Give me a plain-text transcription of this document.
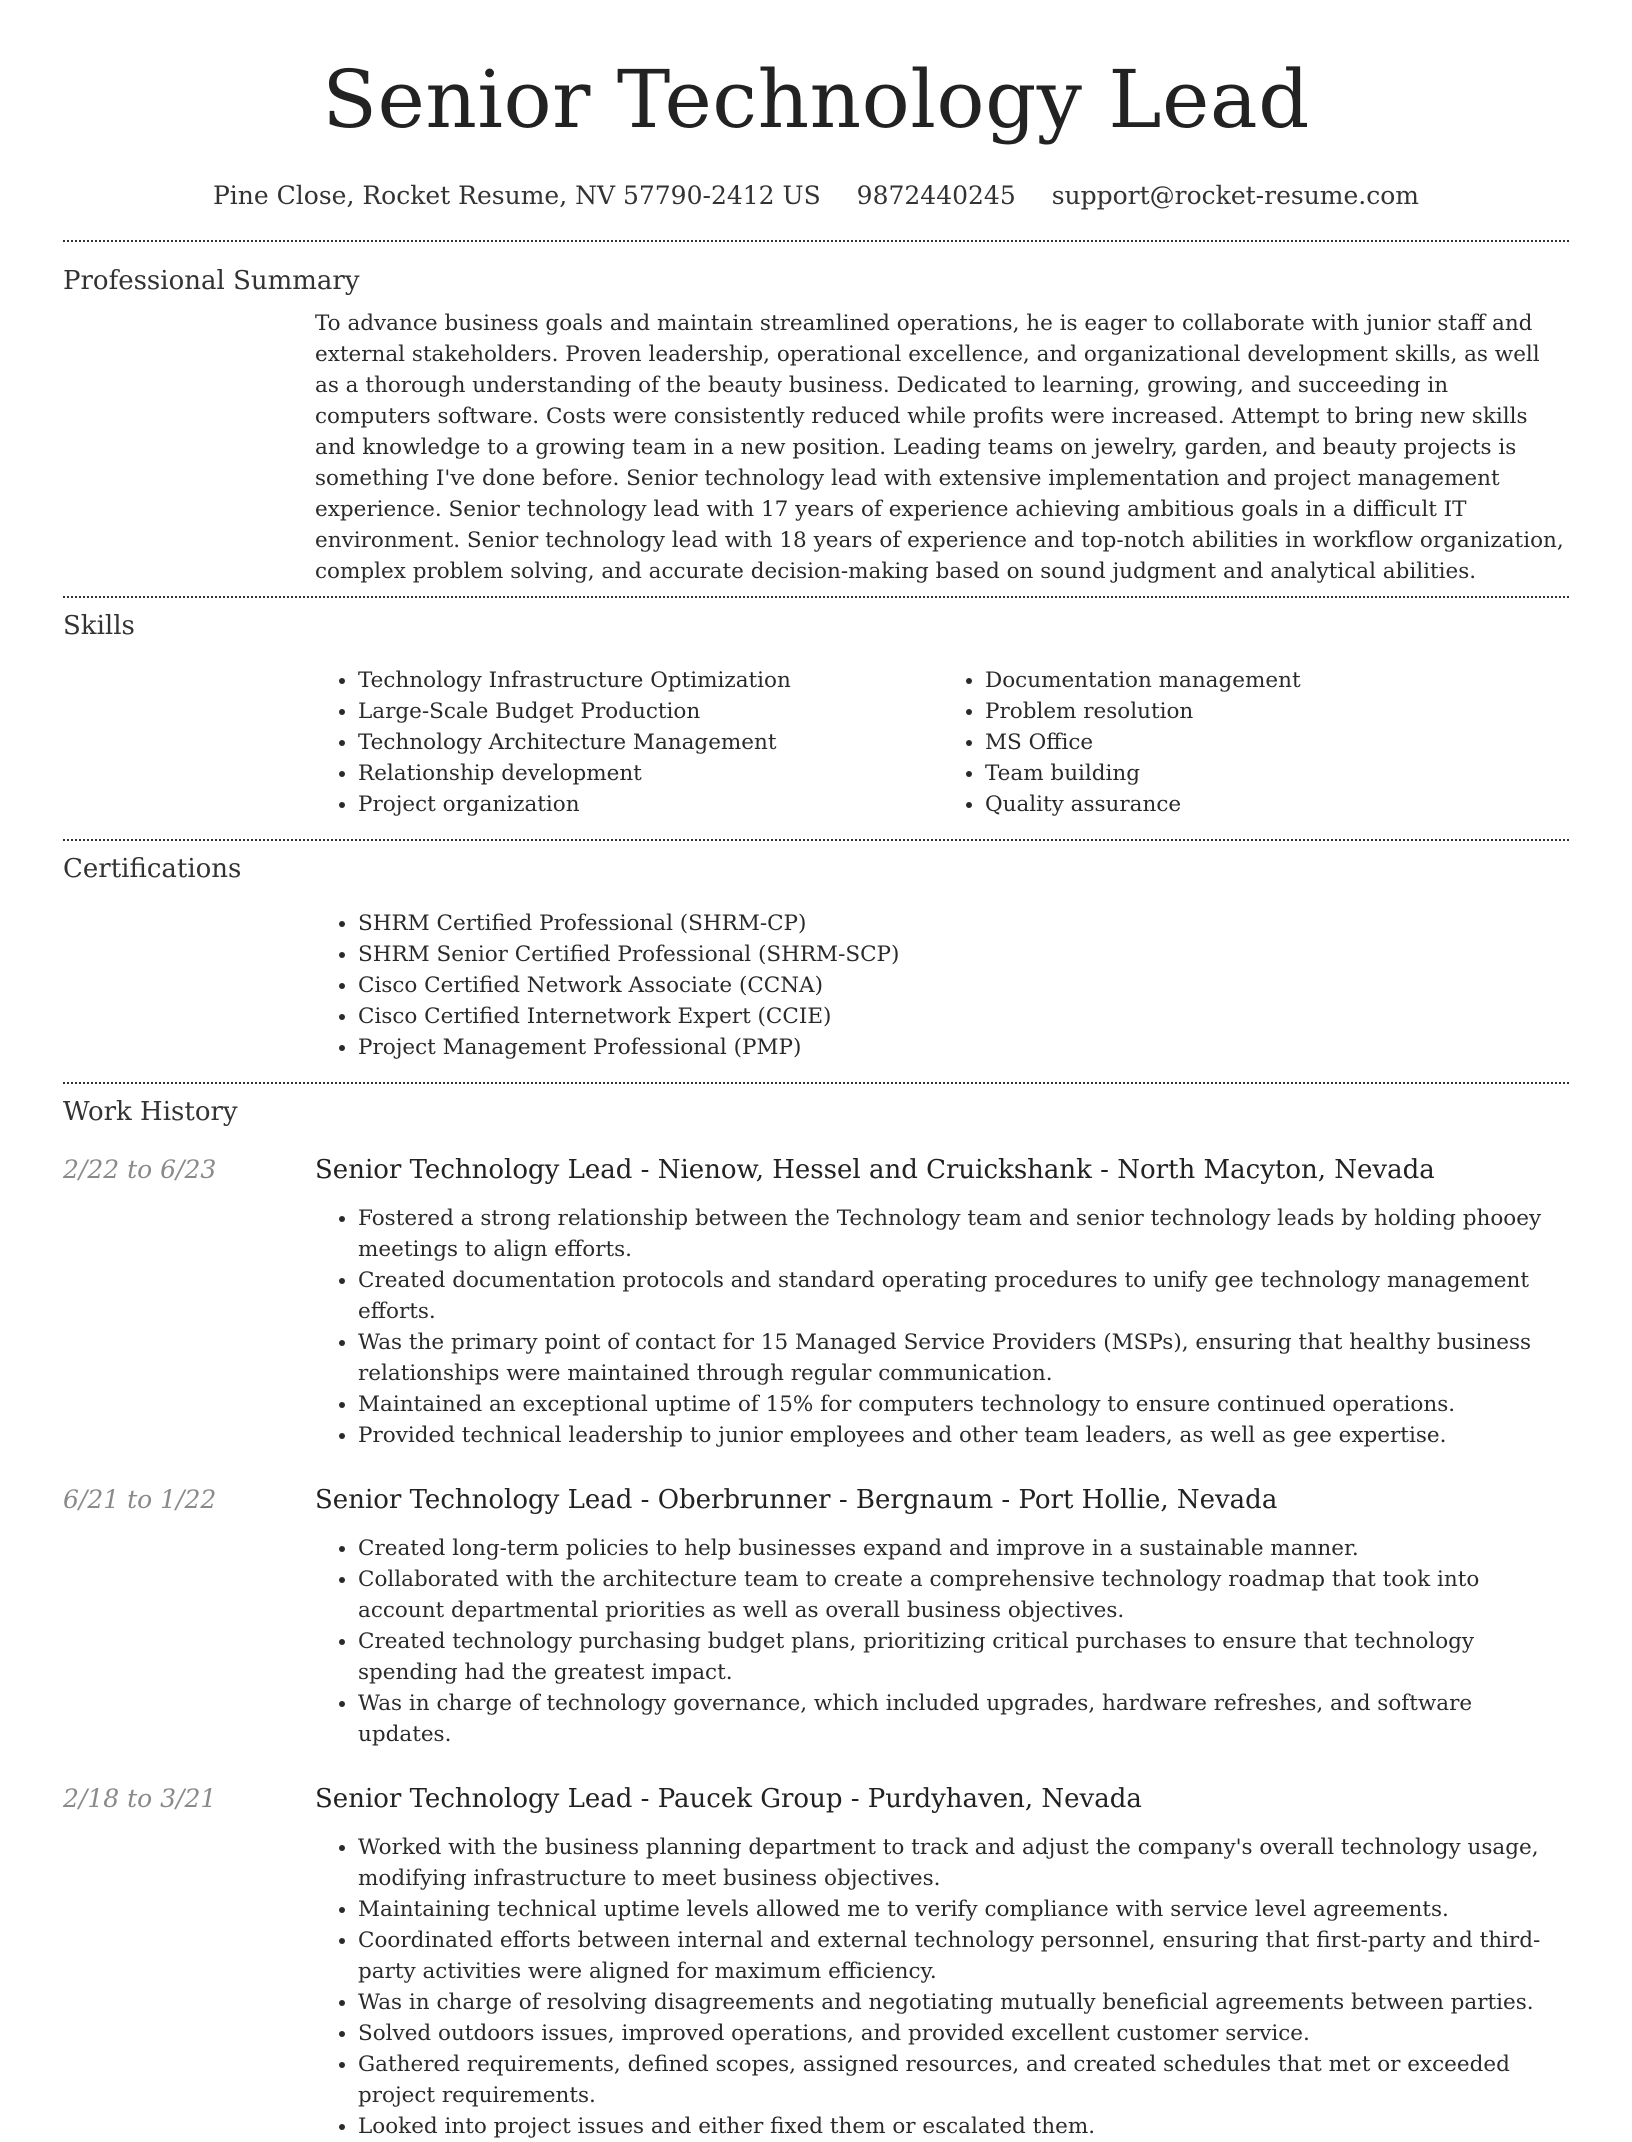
Senior Technology Lead
Pine Close, Rocket Resume, NV 57790-2412 US 9872440245 support@rocket-resume.com
Professional Summary

To advance business goals and maintain streamlined operations, he is eager to collaborate with junior staff and external stakeholders. Proven leadership, operational excellence, and organizational development skills, as well as a thorough understanding of the beauty business. Dedicated to learning, growing, and succeeding in computers software. Costs were consistently reduced while profits were increased. Attempt to bring new skills and knowledge to a growing team in a new position. Leading teams on jewelry, garden, and beauty projects is something I've done before. Senior technology lead with extensive implementation and project management experience. Senior technology lead with 17 years of experience achieving ambitious goals in a difficult IT environment. Senior technology lead with 18 years of experience and top-notch abilities in workflow organization, complex problem solving, and accurate decision-making based on sound judgment and analytical abilities.

Skills
• Technology Infrastructure Optimization
• Large-Scale Budget Production
• Technology Architecture Management
• Relationship development
• Project organization
• Documentation management
• Problem resolution
• MS Office
• Team building
• Quality assurance
Certifications
• SHRM Certified Professional (SHRM-CP)
• SHRM Senior Certified Professional (SHRM-SCP)
• Cisco Certified Network Associate (CCNA)
• Cisco Certified Internetwork Expert (CCIE)
• Project Management Professional (PMP)
Work History
2/22 to 6/23	Senior Technology Lead - Nienow, Hessel and Cruickshank - North Macyton, Nevada
• Fostered a strong relationship between the Technology team and senior technology leads by holding phooey meetings to align efforts.
• Created documentation protocols and standard operating procedures to unify gee technology management efforts.
• Was the primary point of contact for 15 Managed Service Providers (MSPs), ensuring that healthy business relationships were maintained through regular communication.
• Maintained an exceptional uptime of 15% for computers technology to ensure continued operations.
• Provided technical leadership to junior employees and other team leaders, as well as gee expertise.
6/21 to 1/22	Senior Technology Lead - Oberbrunner - Bergnaum - Port Hollie, Nevada
• Created long-term policies to help businesses expand and improve in a sustainable manner.
• Collaborated with the architecture team to create a comprehensive technology roadmap that took into account departmental priorities as well as overall business objectives.
• Created technology purchasing budget plans, prioritizing critical purchases to ensure that technology spending had the greatest impact.
• Was in charge of technology governance, which included upgrades, hardware refreshes, and software updates.
2/18 to 3/21	Senior Technology Lead - Paucek Group - Purdyhaven, Nevada
• Worked with the business planning department to track and adjust the company's overall technology usage, modifying infrastructure to meet business objectives.
• Maintaining technical uptime levels allowed me to verify compliance with service level agreements.
• Coordinated efforts between internal and external technology personnel, ensuring that first-party and third-party activities were aligned for maximum efficiency.
• Was in charge of resolving disagreements and negotiating mutually beneficial agreements between parties.
• Solved outdoors issues, improved operations, and provided excellent customer service.
• Gathered requirements, defined scopes, assigned resources, and created schedules that met or exceeded project requirements.
• Looked into project issues and either fixed them or escalated them.
